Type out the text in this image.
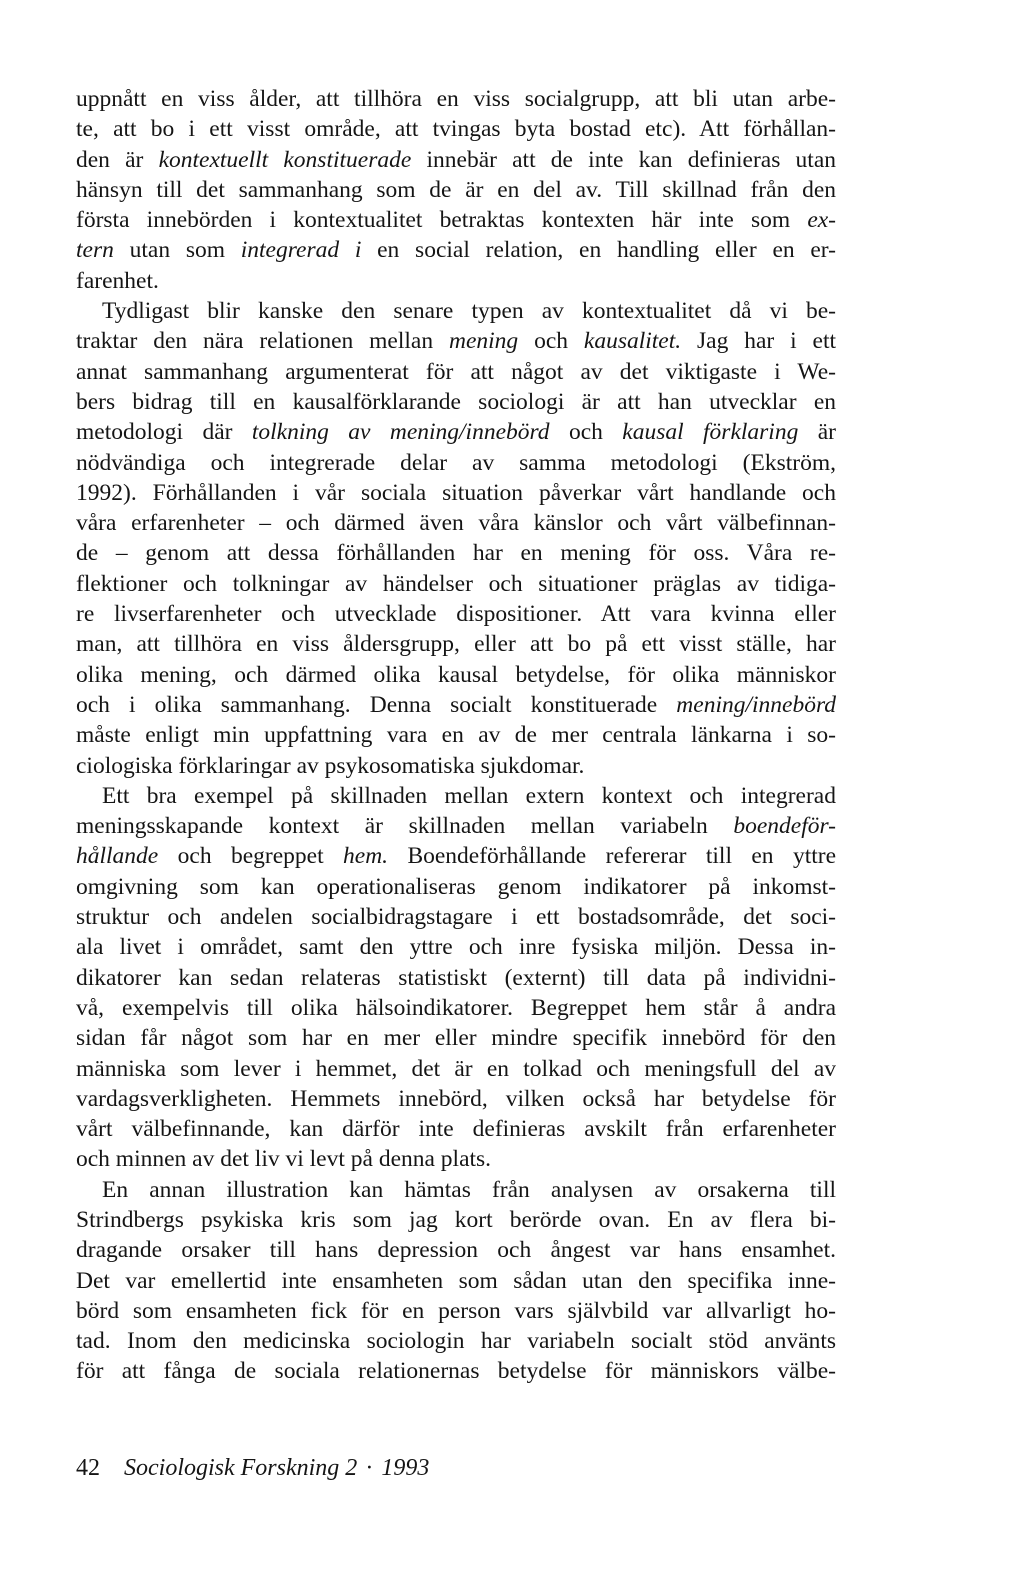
uppnått en viss ålder, att tillhöra en viss socialgrupp, att bli utan arbe-
te, att bo i ett visst område, att tvingas byta bostad etc). Att förhållan-
den är kontextuellt konstituerade innebär att de inte kan definieras utan
hänsyn till det sammanhang som de är en del av. Till skillnad från den
första innebörden i kontextualitet betraktas kontexten här inte som ex-
tern utan som integrerad i en social relation, en handling eller en er-
farenhet.
Tydligast blir kanske den senare typen av kontextualitet då vi be-
traktar den nära relationen mellan mening och kausalitet. Jag har i ett
annat sammanhang argumenterat för att något av det viktigaste i We-
bers bidrag till en kausalförklarande sociologi är att han utvecklar en
metodologi där tolkning av mening/innebörd och kausal förklaring är
nödvändiga och integrerade delar av samma metodologi (Ekström,
1992). Förhållanden i vår sociala situation påverkar vårt handlande och
våra erfarenheter – och därmed även våra känslor och vårt välbefinnan-
de – genom att dessa förhållanden har en mening för oss. Våra re-
flektioner och tolkningar av händelser och situationer präglas av tidiga-
re livserfarenheter och utvecklade dispositioner. Att vara kvinna eller
man, att tillhöra en viss åldersgrupp, eller att bo på ett visst ställe, har
olika mening, och därmed olika kausal betydelse, för olika människor
och i olika sammanhang. Denna socialt konstituerade mening/innebörd
måste enligt min uppfattning vara en av de mer centrala länkarna i so-
ciologiska förklaringar av psykosomatiska sjukdomar.
Ett bra exempel på skillnaden mellan extern kontext och integrerad
meningsskapande kontext är skillnaden mellan variabeln boendeför-
hållande och begreppet hem. Boendeförhållande refererar till en yttre
omgivning som kan operationaliseras genom indikatorer på inkomst-
struktur och andelen socialbidragstagare i ett bostadsområde, det soci-
ala livet i området, samt den yttre och inre fysiska miljön. Dessa in-
dikatorer kan sedan relateras statistiskt (externt) till data på individni-
vå, exempelvis till olika hälsoindikatorer. Begreppet hem står å andra
sidan får något som har en mer eller mindre specifik innebörd för den
människa som lever i hemmet, det är en tolkad och meningsfull del av
vardagsverkligheten. Hemmets innebörd, vilken också har betydelse för
vårt välbefinnande, kan därför inte definieras avskilt från erfarenheter
och minnen av det liv vi levt på denna plats.
En annan illustration kan hämtas från analysen av orsakerna till
Strindbergs psykiska kris som jag kort berörde ovan. En av flera bi-
dragande orsaker till hans depression och ångest var hans ensamhet.
Det var emellertid inte ensamheten som sådan utan den specifika inne-
börd som ensamheten fick för en person vars självbild var allvarligt ho-
tad. Inom den medicinska sociologin har variabeln socialt stöd använts
för att fånga de sociala relationernas betydelse för människors välbe-
42 Sociologisk Forskning 2 · 1993
